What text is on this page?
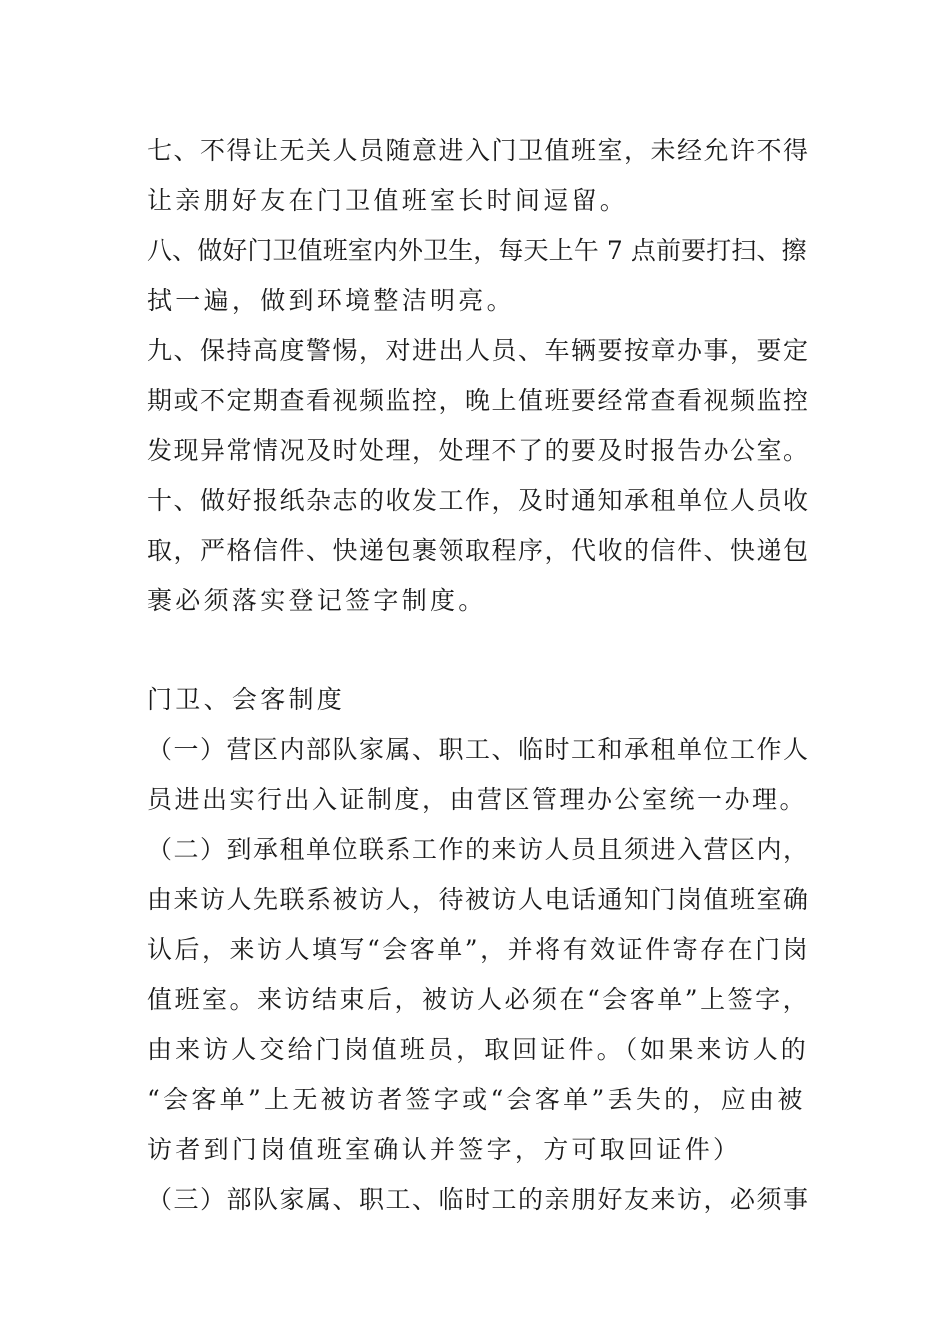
七、不得让无关人员随意进入门卫值班室，未经允许不得
让亲朋好友在门卫值班室长时间逗留。
八、做好门卫值班室内外卫生，每天上午 7 点前要打扫、擦
拭一遍，做到环境整洁明亮。
九、保持高度警惕，对进出人员、车辆要按章办事，要定
期或不定期查看视频监控，晚上值班要经常查看视频监控
发现异常情况及时处理，处理不了的要及时报告办公室。
十、做好报纸杂志的收发工作，及时通知承租单位人员收
取，严格信件、快递包裹领取程序，代收的信件、快递包
裹必须落实登记签字制度。
门卫、会客制度
（一）营区内部队家属、职工、临时工和承租单位工作人
员进出实行出入证制度，由营区管理办公室统一办理。
（二）到承租单位联系工作的来访人员且须进入营区内，
由来访人先联系被访人，待被访人电话通知门岗值班室确
认后，来访人填写“会客单”，并将有效证件寄存在门岗
值班室。来访结束后，被访人必须在“会客单”上签字，
由来访人交给门岗值班员，取回证件。（如果来访人的
“会客单”上无被访者签字或“会客单”丢失的，应由被
访者到门岗值班室确认并签字，方可取回证件）
（三）部队家属、职工、临时工的亲朋好友来访，必须事
